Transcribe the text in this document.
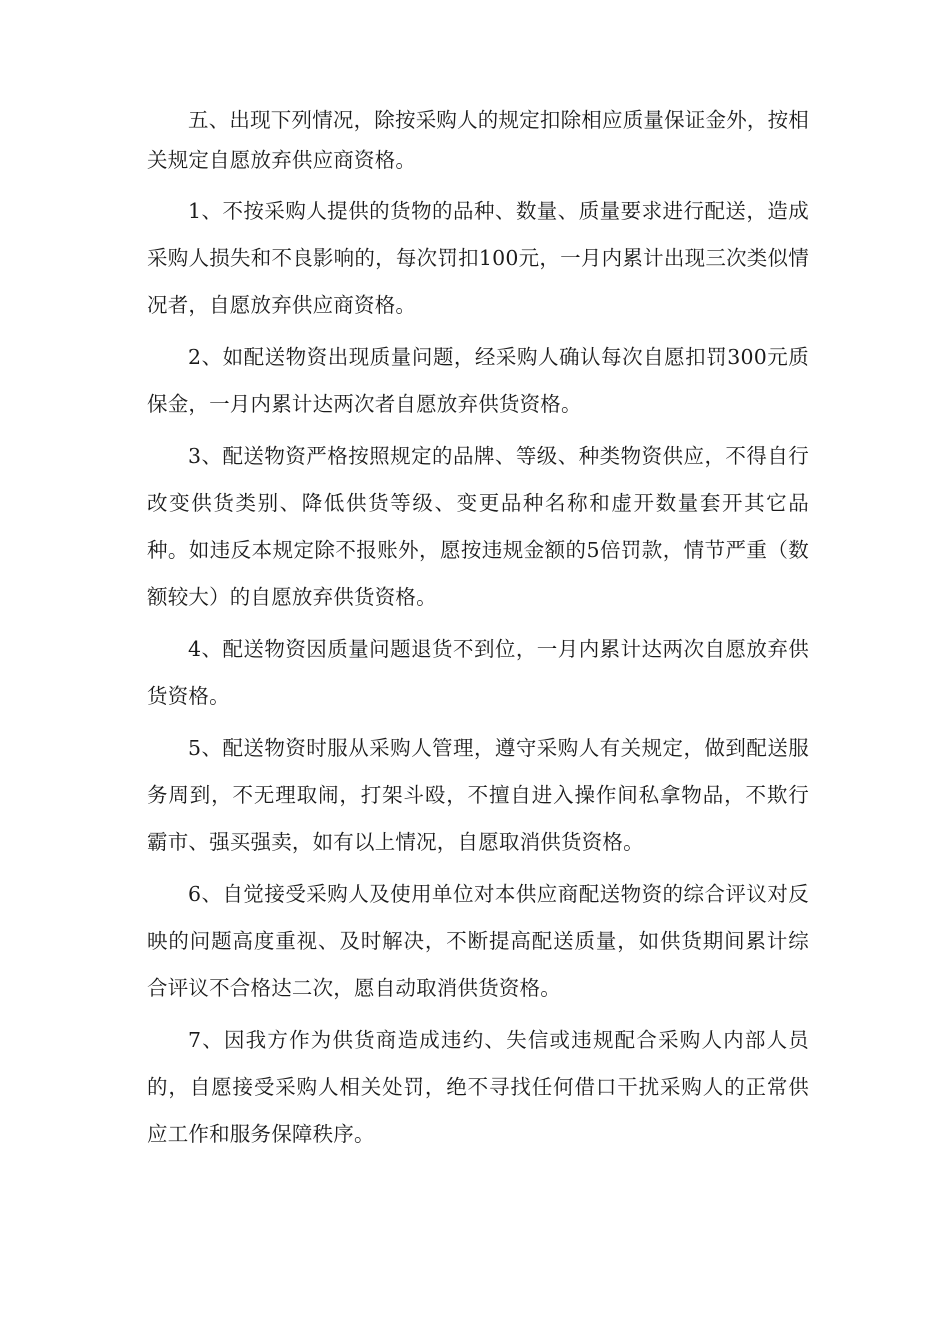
五、出现下列情况，除按采购人的规定扣除相应质量保证金外，按相关规定自愿放弃供应商资格。

1、不按采购人提供的货物的品种、数量、质量要求进行配送，造成采购人损失和不良影响的，每次罚扣100元，一月内累计出现三次类似情况者，自愿放弃供应商资格。

2、如配送物资出现质量问题，经采购人确认每次自愿扣罚300元质保金，一月内累计达两次者自愿放弃供货资格。

3、配送物资严格按照规定的品牌、等级、种类物资供应，不得自行改变供货类别、降低供货等级、变更品种名称和虚开数量套开其它品种。如违反本规定除不报账外，愿按违规金额的5倍罚款，情节严重（数额较大）的自愿放弃供货资格。

4、配送物资因质量问题退货不到位，一月内累计达两次自愿放弃供货资格。

5、配送物资时服从采购人管理，遵守采购人有关规定，做到配送服务周到，不无理取闹，打架斗殴，不擅自进入操作间私拿物品，不欺行霸市、强买强卖，如有以上情况，自愿取消供货资格。

6、自觉接受采购人及使用单位对本供应商配送物资的综合评议对反映的问题高度重视、及时解决，不断提高配送质量，如供货期间累计综合评议不合格达二次，愿自动取消供货资格。

7、因我方作为供货商造成违约、失信或违规配合采购人内部人员的，自愿接受采购人相关处罚，绝不寻找任何借口干扰采购人的正常供应工作和服务保障秩序。
